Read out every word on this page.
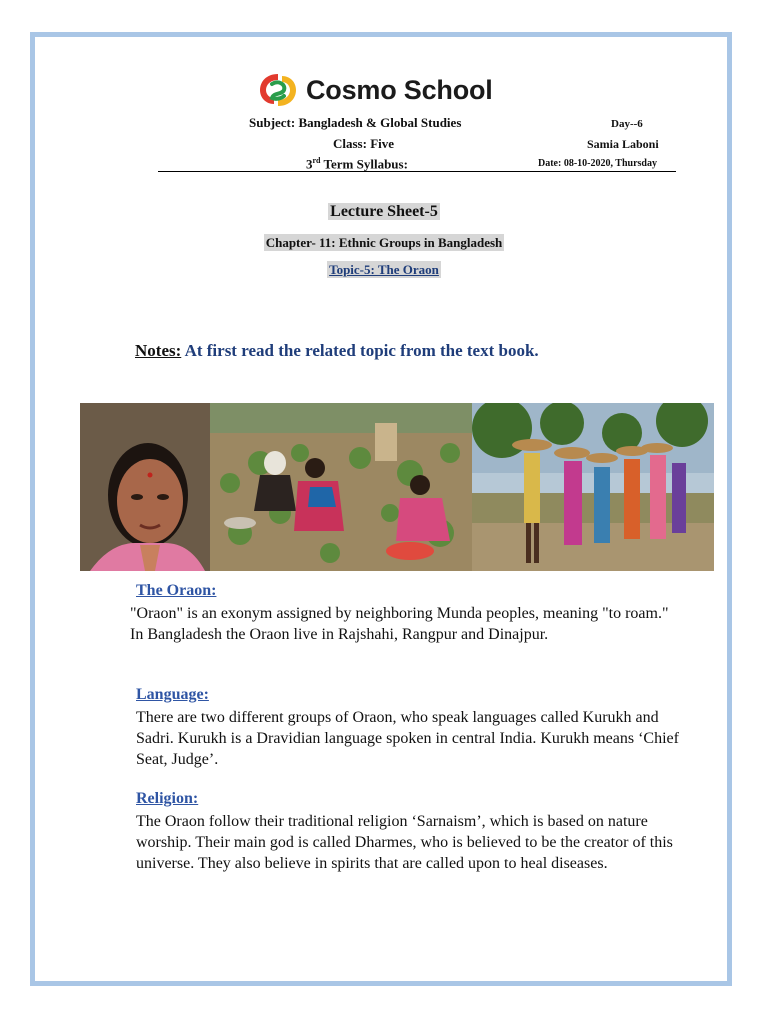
Cosmo School
Subject: Bangladesh & Global Studies
Class: Five
3rd Term Syllabus:
Day--6
Samia Laboni
Date: 08-10-2020, Thursday
Lecture Sheet-5
Chapter- 11: Ethnic Groups in Bangladesh
Topic-5: The Oraon
Notes: At first read the related topic from the text book.
The Oraon:
"Oraon" is an exonym assigned by neighboring Munda peoples, meaning "to roam." In Bangladesh the Oraon live in Rajshahi, Rangpur and Dinajpur.
Language:
There are two different groups of Oraon, who speak languages called Kurukh and Sadri. Kurukh is a Dravidian language spoken in central India. Kurukh means ‘Chief Seat, Judge’.
Religion:
The Oraon follow their traditional religion ‘Sarnaism’, which is based on nature worship. Their main god is called Dharmes, who is believed to be the creator of this universe. They also believe in spirits that are called upon to heal diseases.
